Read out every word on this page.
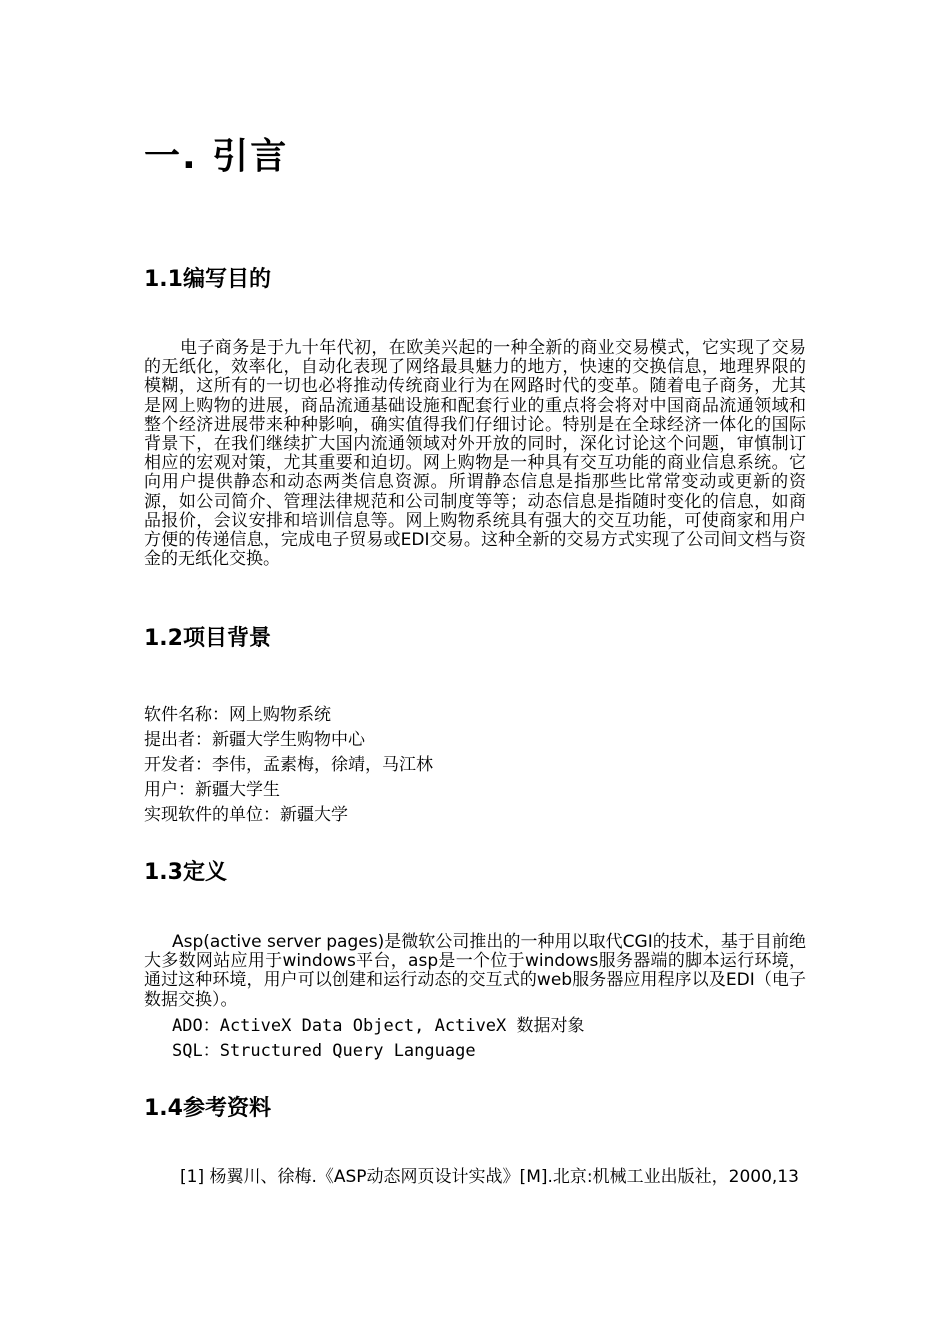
一. 引言
1.1编写目的

电子商务是于九十年代初，在欧美兴起的一种全新的商业交易模式，它实现了交易的无纸化，效率化，自动化表现了网络最具魅力的地方，快速的交换信息，地理界限的模糊，这所有的一切也必将推动传统商业行为在网路时代的变革。随着电子商务，尤其是网上购物的进展，商品流通基础设施和配套行业的重点将会将对中国商品流通领域和整个经济进展带来种种影响，确实值得我们仔细讨论。特别是在全球经济一体化的国际背景下，在我们继续扩大国内流通领域对外开放的同时，深化讨论这个问题，审慎制订相应的宏观对策，尤其重要和迫切。网上购物是一种具有交互功能的商业信息系统。它向用户提供静态和动态两类信息资源。所谓静态信息是指那些比常常变动或更新的资源，如公司简介、管理法律规范和公司制度等等；动态信息是指随时变化的信息，如商品报价，会议安排和培训信息等。网上购物系统具有强大的交互功能，可使商家和用户方便的传递信息，完成电子贸易或EDI交易。这种全新的交易方式实现了公司间文档与资金的无纸化交换。

1.2项目背景
软件名称：网上购物系统
提出者：新疆大学生购物中心
开发者：李伟，孟素梅，徐靖，马江林
用户：新疆大学生
实现软件的单位：新疆大学
1.3定义

Asp(active server pages)是微软公司推出的一种用以取代CGI的技术，基于目前绝大多数网站应用于windows平台，asp是一个位于windows服务器端的脚本运行环境，通过这种环境，用户可以创建和运行动态的交互式的web服务器应用程序以及EDI（电子数据交换）。

ADO：ActiveX Data Object, ActiveX 数据对象
SQL：Structured Query Language
1.4参考资料

[1] 杨翼川、徐梅.《ASP动态网页设计实战》[M].北京:机械工业出版社，2000,13
